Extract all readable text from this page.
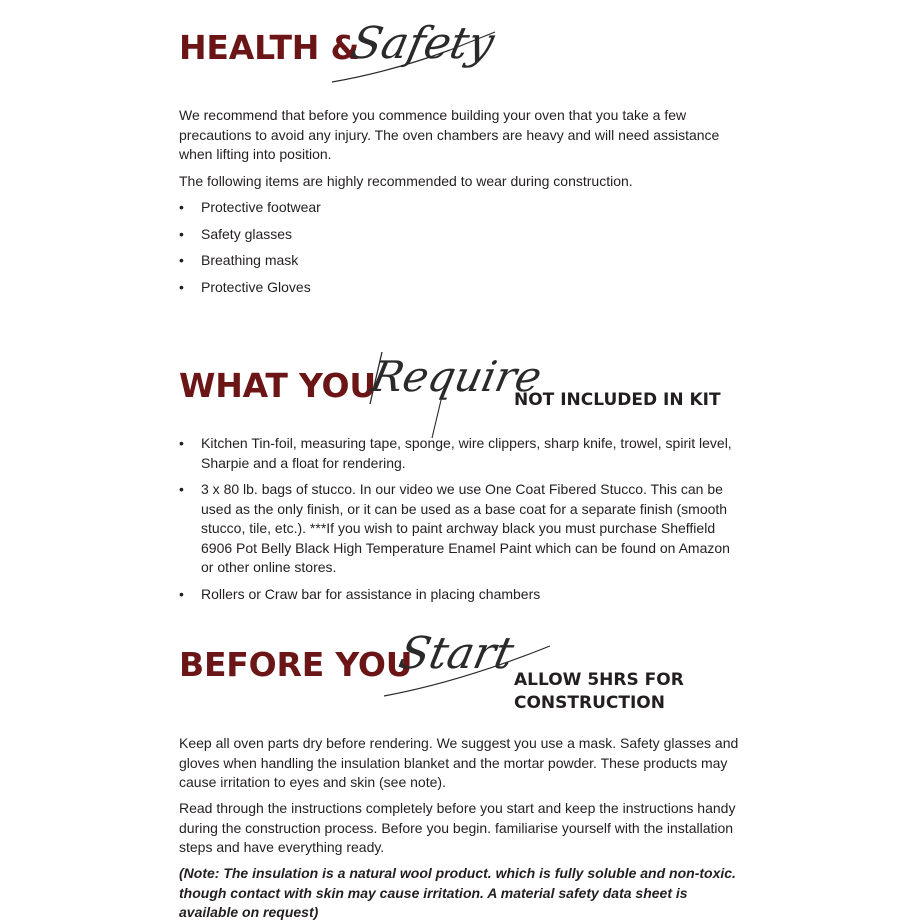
HEALTH &
Safety

We recommend that before you commence building your oven that you take a few precautions to avoid any injury. The oven chambers are heavy and will need assistance when lifting into position.

The following items are highly recommended to wear during construction.

• Protective footwear
• Safety glasses
• Breathing mask
• Protective Gloves
WHAT YOU
Require
NOT INCLUDED IN KIT
• Kitchen Tin-foil, measuring tape, sponge, wire clippers, sharp knife, trowel, spirit level, Sharpie and a float for rendering.
• 3 x 80 lb. bags of stucco. In our video we use One Coat Fibered Stucco. This can be used as the only finish, or it can be used as a base coat for a separate finish (smooth stucco, tile, etc.). ***If you wish to paint archway black you must purchase Sheffield 6906 Pot Belly Black High Temperature Enamel Paint which can be found on Amazon or other online stores.
• Rollers or Craw bar for assistance in placing chambers
BEFORE YOU
Start
ALLOW 5HRS FOR
CONSTRUCTION

Keep all oven parts dry before rendering. We suggest you use a mask. Safety glasses and gloves when handling the insulation blanket and the mortar powder. These products may cause irritation to eyes and skin (see note).

Read through the instructions completely before you start and keep the instructions handy during the construction process. Before you begin. familiarise yourself with the installation steps and have everything ready.

(Note: The insulation is a natural wool product. which is fully soluble and non-toxic. though contact with skin may cause irritation. A material safety data sheet is available on request)
